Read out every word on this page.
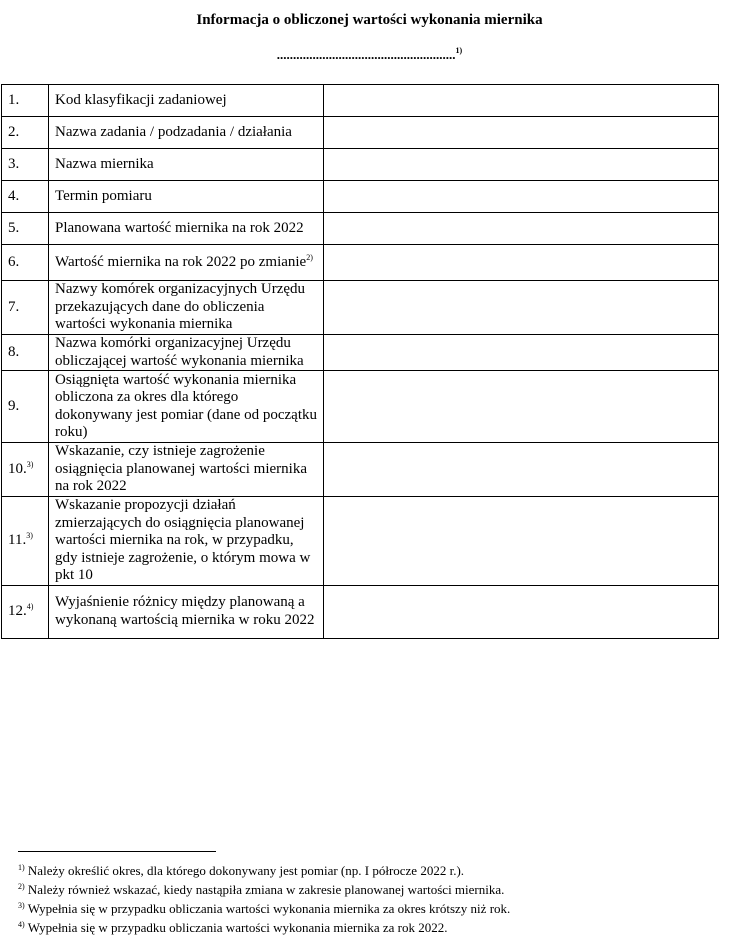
Informacja o obliczonej wartości wykonania miernika
.......................................................$^{1)}$
1.	Kod klasyfikacji zadaniowej	
2.	Nazwa zadania / podzadania / działania	
3.	Nazwa miernika	
4.	Termin pomiaru	
5.	Planowana wartość miernika na rok 2022	
6.	Wartość miernika na rok 2022 po zmianie$^{2)}$	
7.	Nazwy komórek organizacyjnych Urzędu przekazujących dane do obliczenia wartości wykonania miernika	
8.	Nazwa komórki organizacyjnej Urzędu obliczającej wartość wykonania miernika	
9.	Osiągnięta wartość wykonania miernika obliczona za okres dla którego dokonywany jest pomiar (dane od początku roku)	
10.$^{3)}$	Wskazanie, czy istnieje zagrożenie osiągnięcia planowanej wartości miernika na rok 2022	
11.$^{3)}$	Wskazanie propozycji działań zmierzających do osiągnięcia planowanej wartości miernika na rok, w przypadku, gdy istnieje zagrożenie, o którym mowa w pkt 10	
12.$^{4)}$	Wyjaśnienie różnicy między planowaną a wykonaną wartością miernika w roku 2022	
$^{1)}$ Należy określić okres, dla którego dokonywany jest pomiar (np. I półrocze 2022 r.).
$^{2)}$ Należy również wskazać, kiedy nastąpiła zmiana w zakresie planowanej wartości miernika.
$^{3)}$ Wypełnia się w przypadku obliczania wartości wykonania miernika za okres krótszy niż rok.
$^{4)}$ Wypełnia się w przypadku obliczania wartości wykonania miernika za rok 2022.
